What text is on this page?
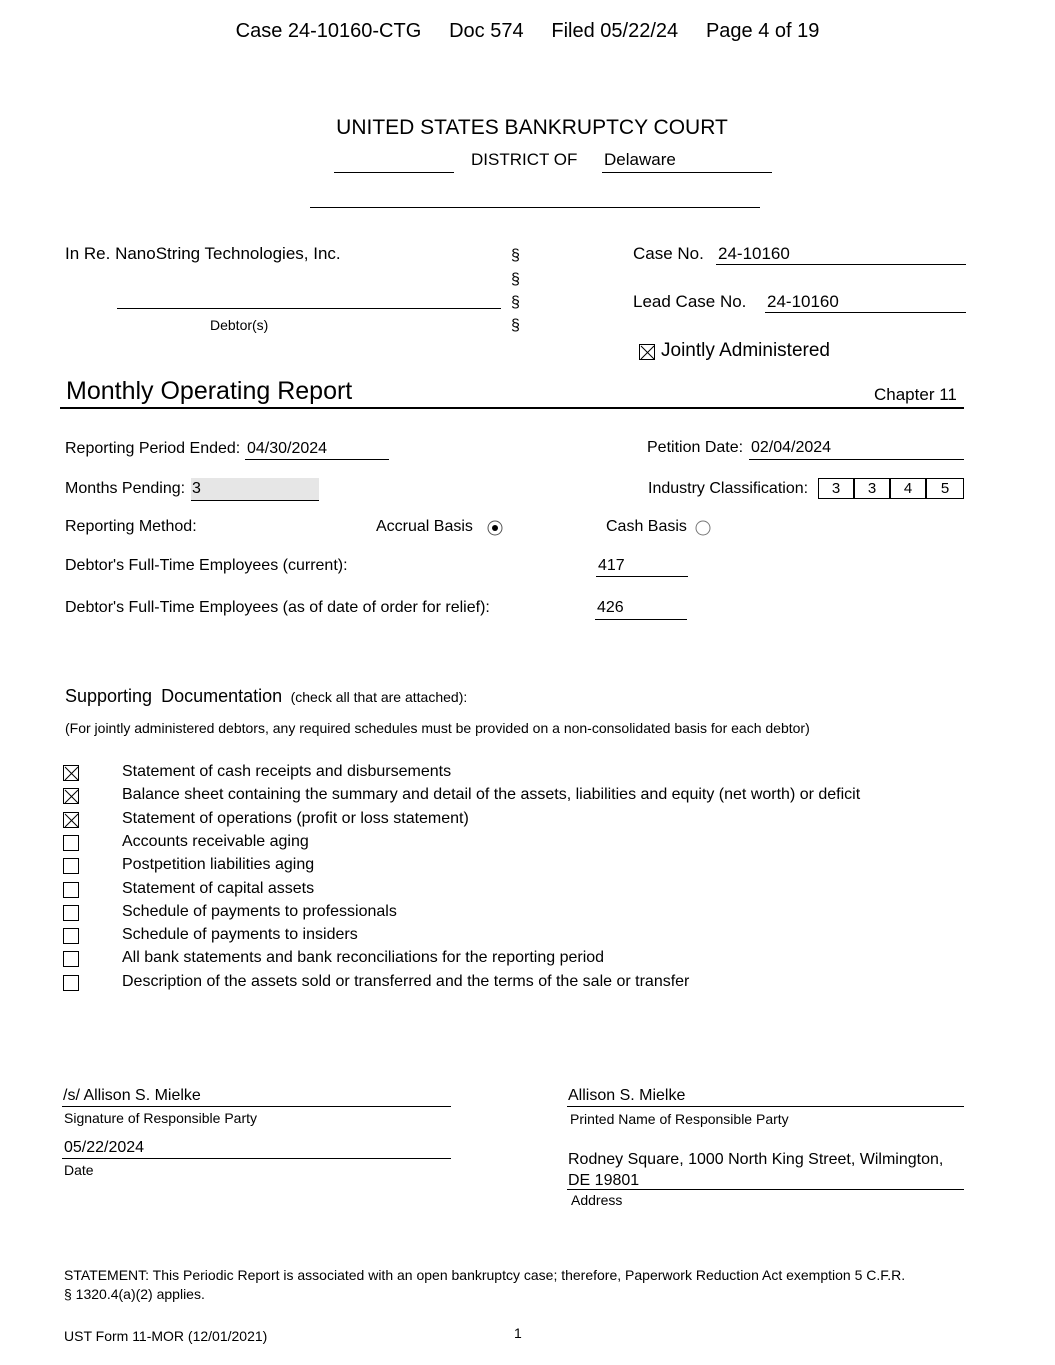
Case 24-10160-CTG Doc 574 Filed 05/22/24 Page 4 of 19
UNITED STATES BANKRUPTCY COURT
DISTRICT OF Delaware
In Re. NanoString Technologies, Inc.
Debtor(s)
§
§
§
§
Case No. 24-10160
Lead Case No. 24-10160
Jointly Administered
Monthly Operating Report	Chapter 11
Reporting Period Ended: 04/30/2024	Petition Date: 02/04/2024
Months Pending: 3	Industry Classification:	3	3	4	5
Reporting Method:	Accrual Basis	Cash Basis
Debtor's Full-Time Employees (current):	417
Debtor's Full-Time Employees (as of date of order for relief):	426
Supporting Documentation (check all that are attached):
(For jointly administered debtors, any required schedules must be provided on a non-consolidated basis for each debtor)
Statement of cash receipts and disbursements
Balance sheet containing the summary and detail of the assets, liabilities and equity (net worth) or deficit
Statement of operations (profit or loss statement)
Accounts receivable aging
Postpetition liabilities aging
Statement of capital assets
Schedule of payments to professionals
Schedule of payments to insiders
All bank statements and bank reconciliations for the reporting period
Description of the assets sold or transferred and the terms of the sale or transfer
/s/ Allison S. Mielke
Signature of Responsible Party
05/22/2024
Date
Allison S. Mielke
Printed Name of Responsible Party
Rodney Square, 1000 North King Street, Wilmington,
DE 19801
Address
STATEMENT: This Periodic Report is associated with an open bankruptcy case; therefore, Paperwork Reduction Act exemption 5 C.F.R.
§ 1320.4(a)(2) applies.
UST Form 11-MOR (12/01/2021)	1
